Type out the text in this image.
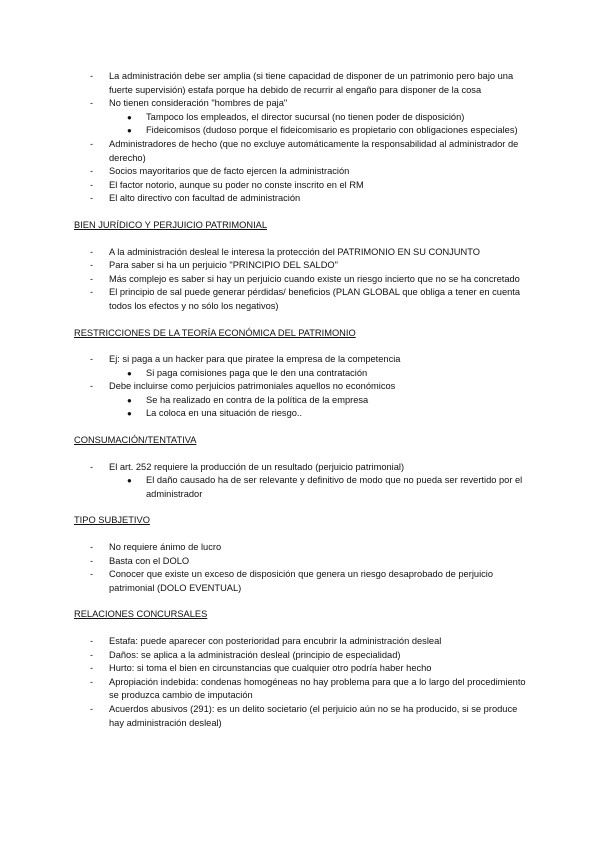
- La administración debe ser amplia (si tiene capacidad de disponer de un patrimonio pero bajo una fuerte supervisión) estafa porque ha debido de recurrir al engaño para disponer de la cosa
- No tienen consideración "hombres de paja"
● Tampoco los empleados, el director sucursal (no tienen poder de disposición)
● Fideicomisos (dudoso porque el fideicomisario es propietario con obligaciones especiales)
- Administradores de hecho (que no excluye automáticamente la responsabilidad al administrador de derecho)
- Socios mayoritarios que de facto ejercen la administración
- El factor notorio, aunque su poder no conste inscrito en el RM
- El alto directivo con facultad de administración
BIEN JURÍDICO Y PERJUICIO PATRIMONIAL
- A la administración desleal le interesa la protección del PATRIMONIO EN SU CONJUNTO
- Para saber si ha un perjuicio "PRINCIPIO DEL SALDO"
- Más complejo es saber si hay un perjuicio cuando existe un riesgo incierto que no se ha concretado
- El principio de sal puede generar pérdidas/ beneficios (PLAN GLOBAL que obliga a tener en cuenta todos los efectos y no sólo los negativos)
RESTRICCIONES DE LA TEORÍA ECONÓMICA DEL PATRIMONIO
- Ej: si paga a un hacker para que piratee la empresa de la competencia
● Si paga comisiones paga que le den una contratación
- Debe incluirse como perjuicios patrimoniales aquellos no económicos
● Se ha realizado en contra de la política de la empresa
● La coloca en una situación de riesgo..
CONSUMACIÓN/TENTATIVA
- El art. 252 requiere la producción de un resultado (perjuicio patrimonial)
● El daño causado ha de ser relevante y definitivo de modo que no pueda ser revertido por el administrador
TIPO SUBJETIVO
- No requiere ánimo de lucro
- Basta con el DOLO
- Conocer que existe un exceso de disposición que genera un riesgo desaprobado de perjuicio patrimonial (DOLO EVENTUAL)
RELACIONES CONCURSALES
- Estafa: puede aparecer con posterioridad para encubrir la administración desleal
- Daños: se aplica a la administración desleal (principio de especialidad)
- Hurto: si toma el bien en circunstancias que cualquier otro podría haber hecho
- Apropiación indebida: condenas homogéneas no hay problema para que a lo largo del procedimiento se produzca cambio de imputación
- Acuerdos abusivos (291): es un delito societario (el perjuicio aún no se ha producido, si se produce hay administración desleal)
